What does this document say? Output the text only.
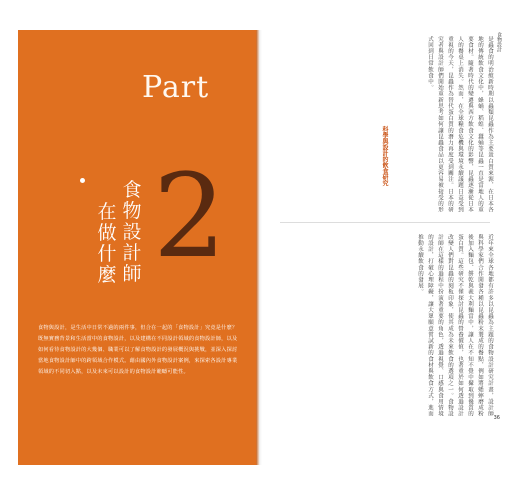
Part
2
食物設計師
在做什麼
食物與設計，是生活中日常不過的兩件事，但合在一起的「食物設計」究竟是什麼？既無實務背景和生活當中的食物設計，以及建構在不同設計領域的食物設計師，以及如何看待食物設計的大幾個、職業可以了解食物設計的發展概況與挑戰，並深入探討當地食物設計師中的跨領域合作模式。藉由國內外食物設計案例，來探索各設計專業領域的不同切入點，以及未來可以設計的食物設計範疇可能性。
食物設計
是蟲食的明治維新時期以蟲類昆蟲作為主要蛋白質來源，在日本各地的傳統飲食文化中，蜂蛹、稻蝗、蠶蛹等昆蟲一直是當地人的重要食材。隨著時代的變遷與西方飲食文化的影響，昆蟲逐漸從日本人的餐桌上消失。然而，在全球糧食危機與環境永續議題日益受到重視的今天，昆蟲作為替代蛋白質的潛力再度受到關注。日本的研究者與設計師們開始重新思考如何讓昆蟲食品以更容易被接受的形式回到日常飲食中。
科學與設計的飲食研究
近年來全球各地都有許多以昆蟲為主題的食物設計研究計畫，設計師與科學家們合作開發各種以昆蟲粉末製成的餐點，例如將蟋蟀磨成粉後加入麵包、餅乾與義大利麵當中，讓人在不知不覺中攝取到優質的蛋白質。這些研究不僅探討昆蟲的營養價值，也著重於如何透過設計改變人們對昆蟲的刻板印象，使其成為未來飲食的選項之一。食物設計師在這樣的過程中扮演著重要的角色，透過視覺、口感與食用情境的設計，打破心理障礙，讓大眾願意嘗試新的食材與飲食方式，進而推動永續飲食的發展。
36
